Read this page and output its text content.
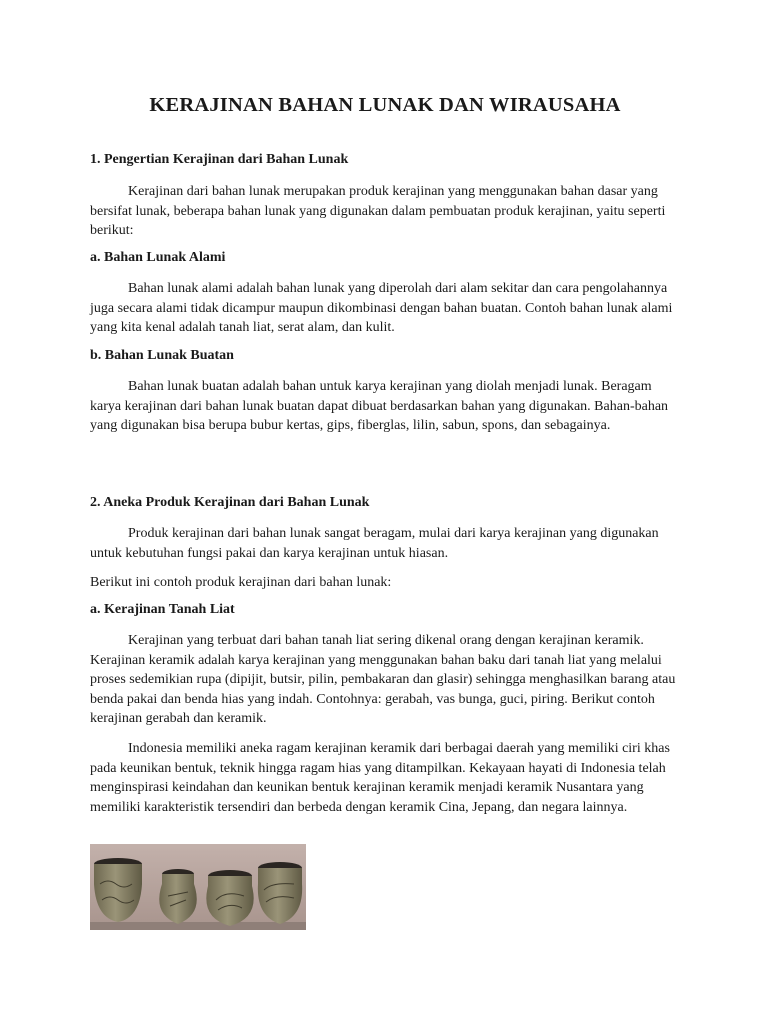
KERAJINAN BAHAN LUNAK DAN WIRAUSAHA
1. Pengertian Kerajinan dari Bahan Lunak

Kerajinan dari bahan lunak merupakan produk kerajinan yang menggunakan bahan dasar yang bersifat lunak, beberapa bahan lunak yang digunakan dalam pembuatan produk kerajinan, yaitu seperti berikut:

a. Bahan Lunak Alami

Bahan lunak alami adalah bahan lunak yang diperolah dari alam sekitar dan cara pengolahannya juga secara alami tidak dicampur maupun dikombinasi dengan bahan buatan. Contoh bahan lunak alami yang kita kenal adalah tanah liat, serat alam, dan kulit.

b. Bahan Lunak Buatan

Bahan lunak buatan adalah bahan untuk karya kerajinan yang diolah menjadi lunak. Beragam karya kerajinan dari bahan lunak buatan dapat dibuat berdasarkan bahan yang digunakan. Bahan-bahan yang digunakan bisa berupa bubur kertas, gips, fiberglas, lilin, sabun, spons, dan sebagainya.

2. Aneka Produk Kerajinan dari Bahan Lunak

Produk kerajinan dari bahan lunak sangat beragam, mulai dari karya kerajinan yang digunakan untuk kebutuhan fungsi pakai dan karya kerajinan untuk hiasan.

Berikut ini contoh produk kerajinan dari bahan lunak:

a. Kerajinan Tanah Liat

Kerajinan yang terbuat dari bahan tanah liat sering dikenal orang dengan kerajinan keramik. Kerajinan keramik adalah karya kerajinan yang menggunakan bahan baku dari tanah liat yang melalui proses sedemikian rupa (dipijit, butsir, pilin, pembakaran dan glasir) sehingga menghasilkan barang atau benda pakai dan benda hias yang indah. Contohnya: gerabah, vas bunga, guci, piring. Berikut contoh kerajinan gerabah dan keramik.

Indonesia memiliki aneka ragam kerajinan keramik dari berbagai daerah yang memiliki ciri khas pada keunikan bentuk, teknik hingga ragam hias yang ditampilkan. Kekayaan hayati di Indonesia telah menginspirasi keindahan dan keunikan bentuk kerajinan keramik menjadi keramik Nusantara yang memiliki karakteristik tersendiri dan berbeda dengan keramik Cina, Jepang, dan negara lainnya.
